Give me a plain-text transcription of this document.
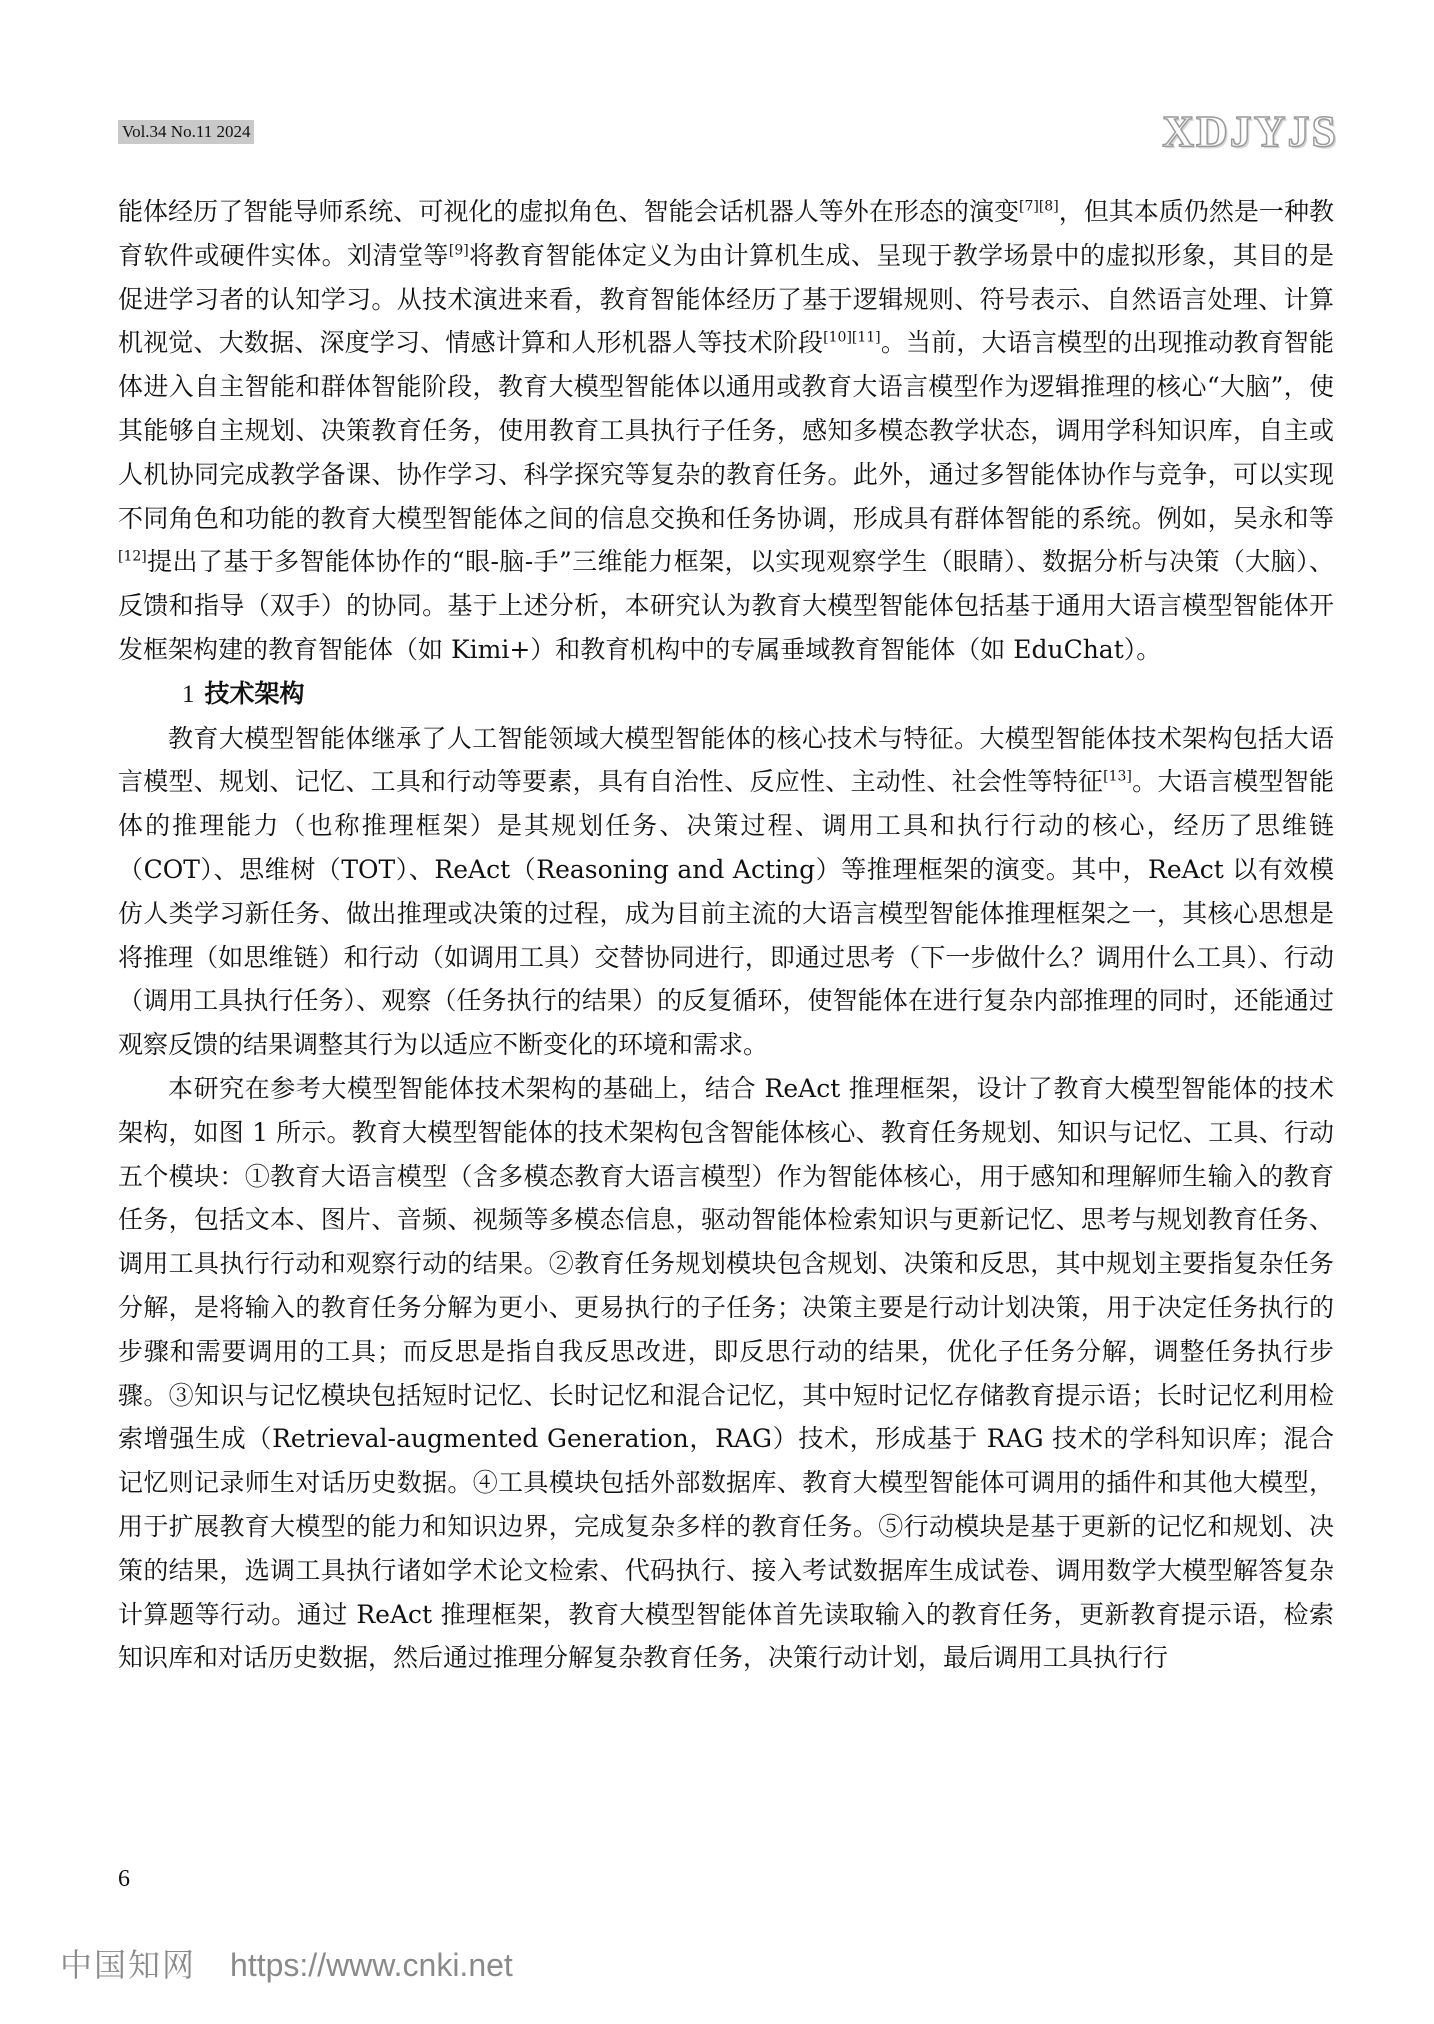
Vol.34 No.11 2024	XDJYJS

能体经历了智能导师系统、可视化的虚拟角色、智能会话机器人等外在形态的演变[7][8]，但其本质仍然是一种教育软件或硬件实体。刘清堂等[9]将教育智能体定义为由计算机生成、呈现于教学场景中的虚拟形象，其目的是促进学习者的认知学习。从技术演进来看，教育智能体经历了基于逻辑规则、符号表示、自然语言处理、计算机视觉、大数据、深度学习、情感计算和人形机器人等技术阶段[10][11]。当前，大语言模型的出现推动教育智能体进入自主智能和群体智能阶段，教育大模型智能体以通用或教育大语言模型作为逻辑推理的核心“大脑”，使其能够自主规划、决策教育任务，使用教育工具执行子任务，感知多模态教学状态，调用学科知识库，自主或人机协同完成教学备课、协作学习、科学探究等复杂的教育任务。此外，通过多智能体协作与竞争，可以实现不同角色和功能的教育大模型智能体之间的信息交换和任务协调，形成具有群体智能的系统。例如，吴永和等[12]提出了基于多智能体协作的“眼-脑-手”三维能力框架，以实现观察学生（眼睛）、数据分析与决策（大脑）、反馈和指导（双手）的协同。基于上述分析，本研究认为教育大模型智能体包括基于通用大语言模型智能体开发框架构建的教育智能体（如 Kimi+）和教育机构中的专属垂域教育智能体（如 EduChat）。

1 技术架构

教育大模型智能体继承了人工智能领域大模型智能体的核心技术与特征。大模型智能体技术架构包括大语言模型、规划、记忆、工具和行动等要素，具有自治性、反应性、主动性、社会性等特征[13]。大语言模型智能体的推理能力（也称推理框架）是其规划任务、决策过程、调用工具和执行行动的核心，经历了思维链（COT）、思维树（TOT）、ReAct（Reasoning and Acting）等推理框架的演变。其中，ReAct 以有效模仿人类学习新任务、做出推理或决策的过程，成为目前主流的大语言模型智能体推理框架之一，其核心思想是将推理（如思维链）和行动（如调用工具）交替协同进行，即通过思考（下一步做什么？调用什么工具）、行动（调用工具执行任务）、观察（任务执行的结果）的反复循环，使智能体在进行复杂内部推理的同时，还能通过观察反馈的结果调整其行为以适应不断变化的环境和需求。

本研究在参考大模型智能体技术架构的基础上，结合 ReAct 推理框架，设计了教育大模型智能体的技术架构，如图 1 所示。教育大模型智能体的技术架构包含智能体核心、教育任务规划、知识与记忆、工具、行动五个模块：①教育大语言模型（含多模态教育大语言模型）作为智能体核心，用于感知和理解师生输入的教育任务，包括文本、图片、音频、视频等多模态信息，驱动智能体检索知识与更新记忆、思考与规划教育任务、调用工具执行行动和观察行动的结果。②教育任务规划模块包含规划、决策和反思，其中规划主要指复杂任务分解，是将输入的教育任务分解为更小、更易执行的子任务；决策主要是行动计划决策，用于决定任务执行的步骤和需要调用的工具；而反思是指自我反思改进，即反思行动的结果，优化子任务分解，调整任务执行步骤。③知识与记忆模块包括短时记忆、长时记忆和混合记忆，其中短时记忆存储教育提示语；长时记忆利用检索增强生成（Retrieval-augmented Generation，RAG）技术，形成基于 RAG 技术的学科知识库；混合记忆则记录师生对话历史数据。④工具模块包括外部数据库、教育大模型智能体可调用的插件和其他大模型，用于扩展教育大模型的能力和知识边界，完成复杂多样的教育任务。⑤行动模块是基于更新的记忆和规划、决策的结果，选调工具执行诸如学术论文检索、代码执行、接入考试数据库生成试卷、调用数学大模型解答复杂计算题等行动。通过 ReAct 推理框架，教育大模型智能体首先读取输入的教育任务，更新教育提示语，检索知识库和对话历史数据，然后通过推理分解复杂教育任务，决策行动计划，最后调用工具执行行

6
中国知网 https://www.cnki.net
